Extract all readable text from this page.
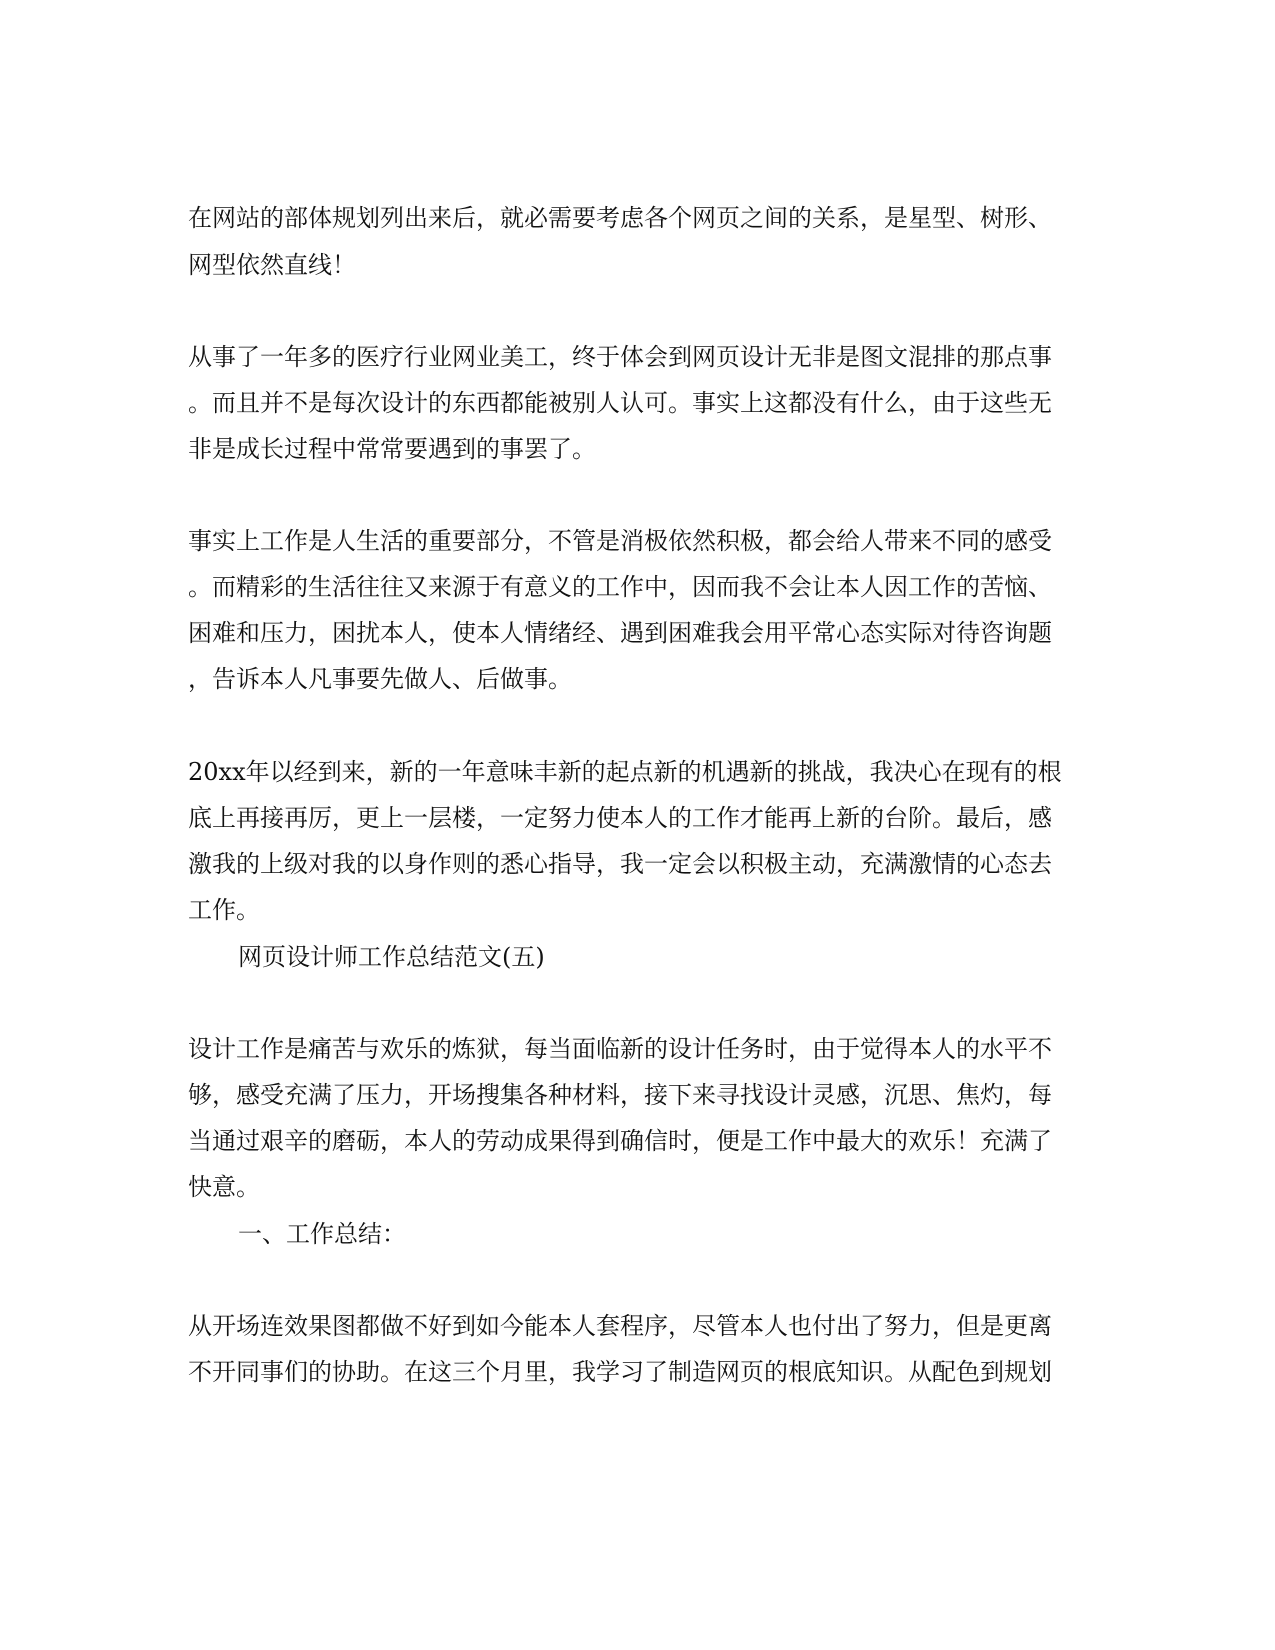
在网站的部体规划列出来后，就必需要考虑各个网页之间的关系，是星型、树形、
网型依然直线！
从事了一年多的医疗行业网业美工，终于体会到网页设计无非是图文混排的那点事
。而且并不是每次设计的东西都能被别人认可。事实上这都没有什么，由于这些无
非是成长过程中常常要遇到的事罢了。
事实上工作是人生活的重要部分，不管是消极依然积极，都会给人带来不同的感受
。而精彩的生活往往又来源于有意义的工作中，因而我不会让本人因工作的苦恼、
困难和压力，困扰本人，使本人情绪经、遇到困难我会用平常心态实际对待咨询题
，告诉本人凡事要先做人、后做事。
20xx年以经到来，新的一年意味丰新的起点新的机遇新的挑战，我决心在现有的根
底上再接再厉，更上一层楼，一定努力使本人的工作才能再上新的台阶。最后，感
激我的上级对我的以身作则的悉心指导，我一定会以积极主动，充满激情的心态去
工作。
网页设计师工作总结范文(五)
设计工作是痛苦与欢乐的炼狱，每当面临新的设计任务时，由于觉得本人的水平不
够，感受充满了压力，开场搜集各种材料，接下来寻找设计灵感，沉思、焦灼，每
当通过艰辛的磨砺，本人的劳动成果得到确信时，便是工作中最大的欢乐！充满了
快意。
一、工作总结：
从开场连效果图都做不好到如今能本人套程序，尽管本人也付出了努力，但是更离
不开同事们的协助。在这三个月里，我学习了制造网页的根底知识。从配色到规划
